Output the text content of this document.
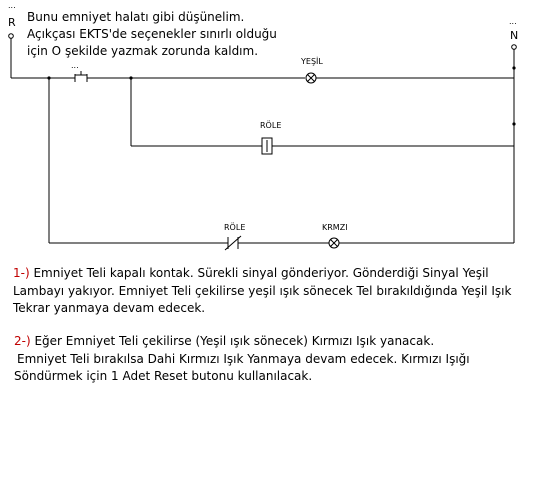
...
R	...
N
...	YEŞİL
RÖLE
RÖLE	KRMZI
Bunu emniyet halatı gibi düşünelim.
Açıkçası EKTS'de seçenekler sınırlı olduğu
için O şekilde yazmak zorunda kaldım.
1-) Emniyet Teli kapalı kontak. Sürekli sinyal gönderiyor. Gönderdiği Sinyal Yeşil
Lambayı yakıyor. Emniyet Teli çekilirse yeşil ışık sönecek Tel bırakıldığında Yeşil Işık
Tekrar yanmaya devam edecek.
2-) Eğer Emniyet Teli çekilirse (Yeşil ışık sönecek) Kırmızı Işık yanacak.
Emniyet Teli bırakılsa Dahi Kırmızı Işık Yanmaya devam edecek. Kırmızı Işığı
Söndürmek için 1 Adet Reset butonu kullanılacak.
